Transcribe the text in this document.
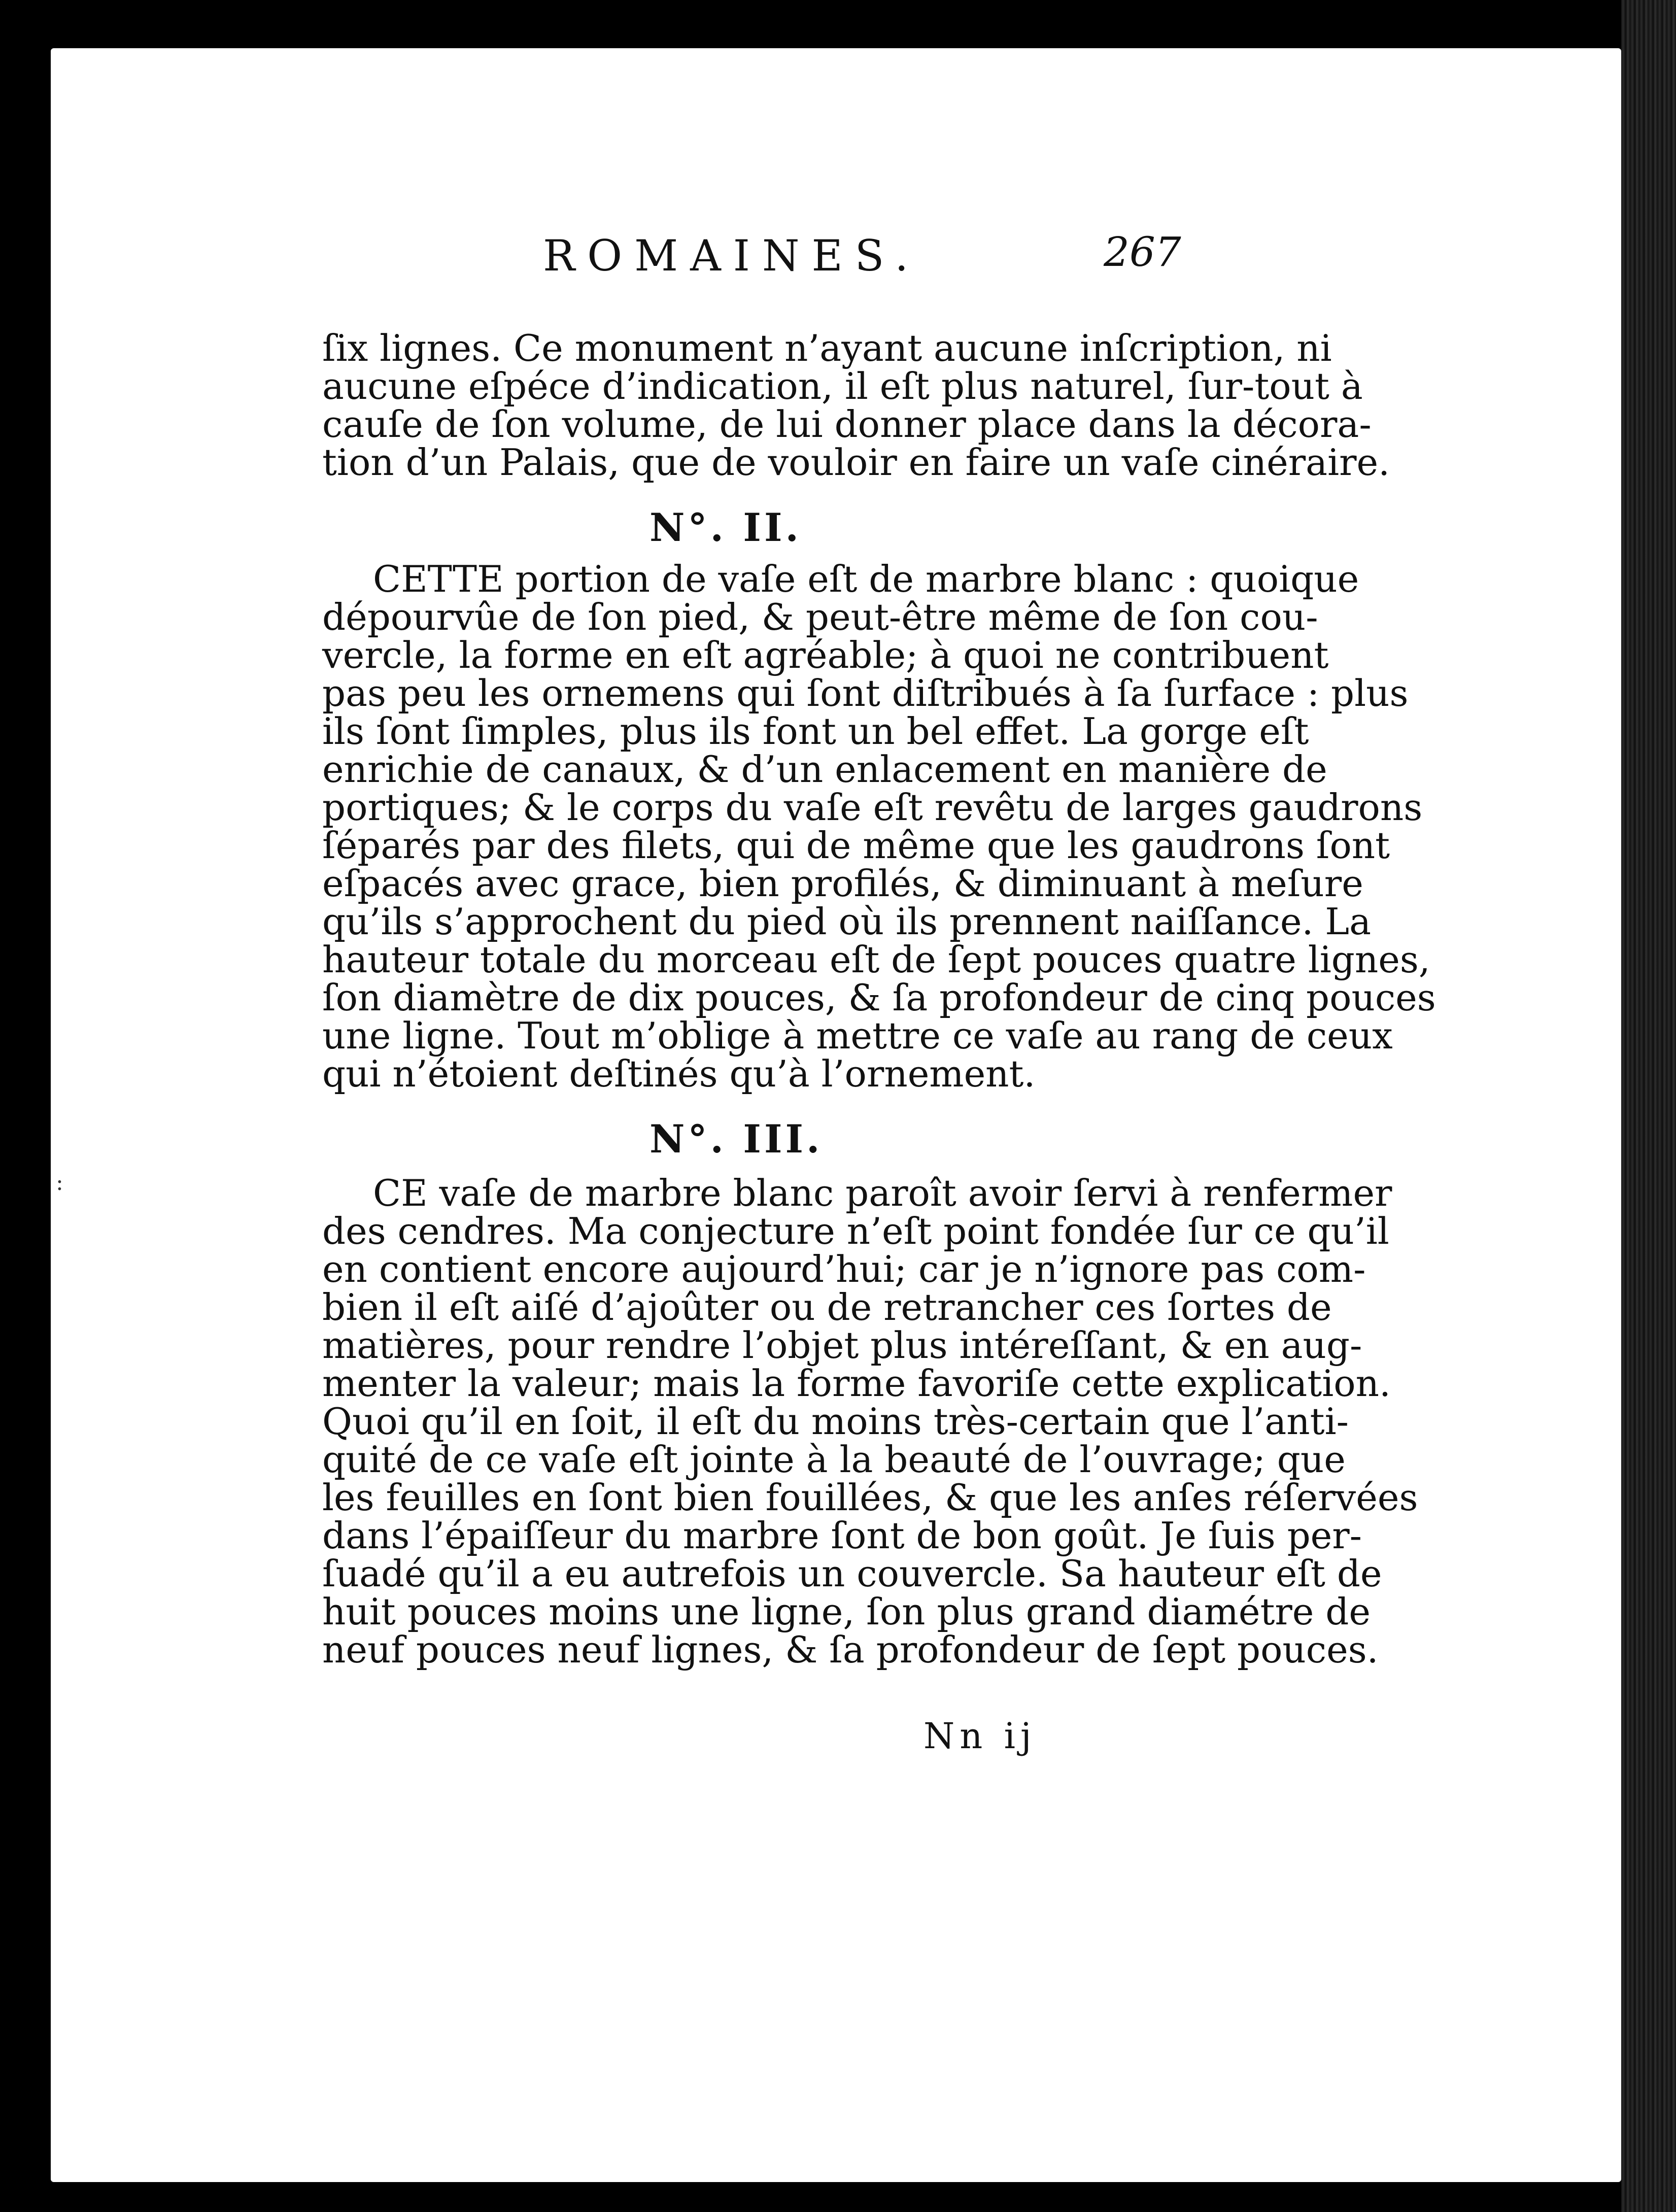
ROMAINES.	267
ſix lignes. Ce monument n’ayant aucune inſcription, ni
aucune eſpéce d’indication, il eſt plus naturel, ſur-tout à
cauſe de ſon volume, de lui donner place dans la décora-
tion d’un Palais, que de vouloir en faire un vaſe cinéraire.
N°. II.
CETTE portion de vaſe eſt de marbre blanc : quoique
dépourvûe de ſon pied, & peut-être même de ſon cou-
vercle, la forme en eſt agréable; à quoi ne contribuent
pas peu les ornemens qui ſont diſtribués à ſa ſurface : plus
ils ſont ſimples, plus ils font un bel effet. La gorge eſt
enrichie de canaux, & d’un enlacement en manière de
portiques; & le corps du vaſe eſt revêtu de larges gaudrons
ſéparés par des filets, qui de même que les gaudrons ſont
eſpacés avec grace, bien profilés, & diminuant à meſure
qu’ils s’approchent du pied où ils prennent naiſſance. La
hauteur totale du morceau eſt de ſept pouces quatre lignes,
ſon diamètre de dix pouces, & ſa profondeur de cinq pouces
une ligne. Tout m’oblige à mettre ce vaſe au rang de ceux
qui n’étoient deſtinés qu’à l’ornement.
N°. III.
CE vaſe de marbre blanc paroît avoir ſervi à renfermer
des cendres. Ma conjecture n’eſt point fondée ſur ce qu’il
en contient encore aujourd’hui; car je n’ignore pas com-
bien il eſt aiſé d’ajoûter ou de retrancher ces ſortes de
matières, pour rendre l’objet plus intéreſſant, & en aug-
menter la valeur; mais la forme favoriſe cette explication.
Quoi qu’il en ſoit, il eſt du moins très-certain que l’anti-
quité de ce vaſe eſt jointe à la beauté de l’ouvrage; que
les feuilles en ſont bien fouillées, & que les anſes réſervées
dans l’épaiſſeur du marbre ſont de bon goût. Je ſuis per-
ſuadé qu’il a eu autrefois un couvercle. Sa hauteur eſt de
huit pouces moins une ligne, ſon plus grand diamétre de
neuf pouces neuf lignes, & ſa profondeur de ſept pouces.
Nn ij
:
